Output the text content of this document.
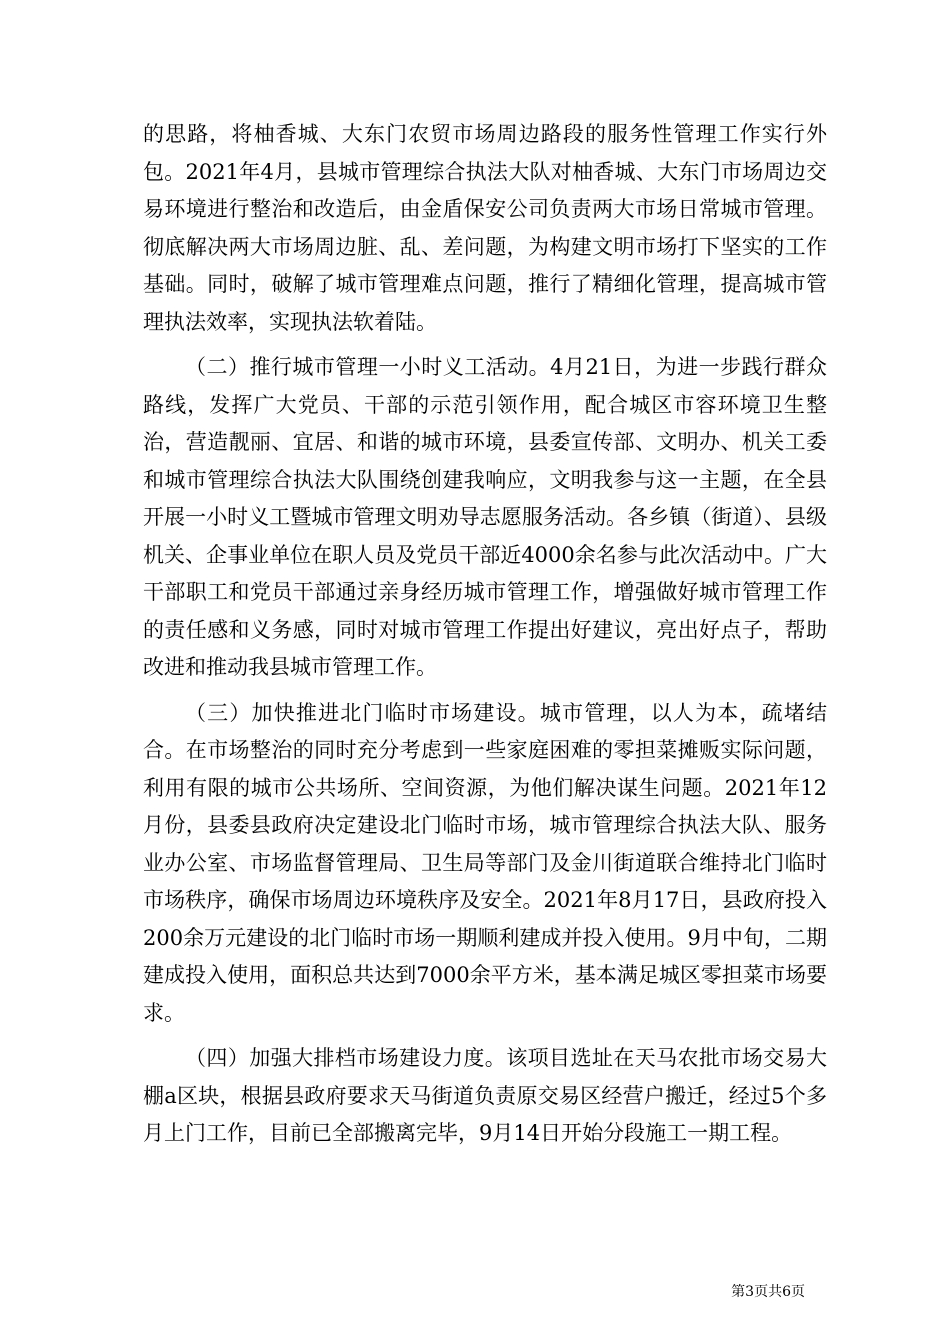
的思路，将柚香城、大东门农贸市场周边路段的服务性管理工作实行外包。2021年4月，县城市管理综合执法大队对柚香城、大东门市场周边交易环境进行整治和改造后，由金盾保安公司负责两大市场日常城市管理。彻底解决两大市场周边脏、乱、差问题，为构建文明市场打下坚实的工作基础。同时，破解了城市管理难点问题，推行了精细化管理，提高城市管理执法效率，实现执法软着陆。

（二）推行城市管理一小时义工活动。4月21日，为进一步践行群众路线，发挥广大党员、干部的示范引领作用，配合城区市容环境卫生整治，营造靓丽、宜居、和谐的城市环境，县委宣传部、文明办、机关工委和城市管理综合执法大队围绕创建我响应，文明我参与这一主题，在全县开展一小时义工暨城市管理文明劝导志愿服务活动。各乡镇（街道）、县级机关、企事业单位在职人员及党员干部近4000余名参与此次活动中。广大干部职工和党员干部通过亲身经历城市管理工作，增强做好城市管理工作的责任感和义务感，同时对城市管理工作提出好建议，亮出好点子，帮助改进和推动我县城市管理工作。

（三）加快推进北门临时市场建设。城市管理，以人为本，疏堵结合。在市场整治的同时充分考虑到一些家庭困难的零担菜摊贩实际问题，利用有限的城市公共场所、空间资源，为他们解决谋生问题。2021年12月份，县委县政府决定建设北门临时市场，城市管理综合执法大队、服务业办公室、市场监督管理局、卫生局等部门及金川街道联合维持北门临时市场秩序，确保市场周边环境秩序及安全。2021年8月17日，县政府投入200余万元建设的北门临时市场一期顺利建成并投入使用。9月中旬，二期建成投入使用，面积总共达到7000余平方米，基本满足城区零担菜市场要求。

（四）加强大排档市场建设力度。该项目选址在天马农批市场交易大棚a区块，根据县政府要求天马街道负责原交易区经营户搬迁，经过5个多月上门工作，目前已全部搬离完毕，9月14日开始分段施工一期工程。

第3页共6页
